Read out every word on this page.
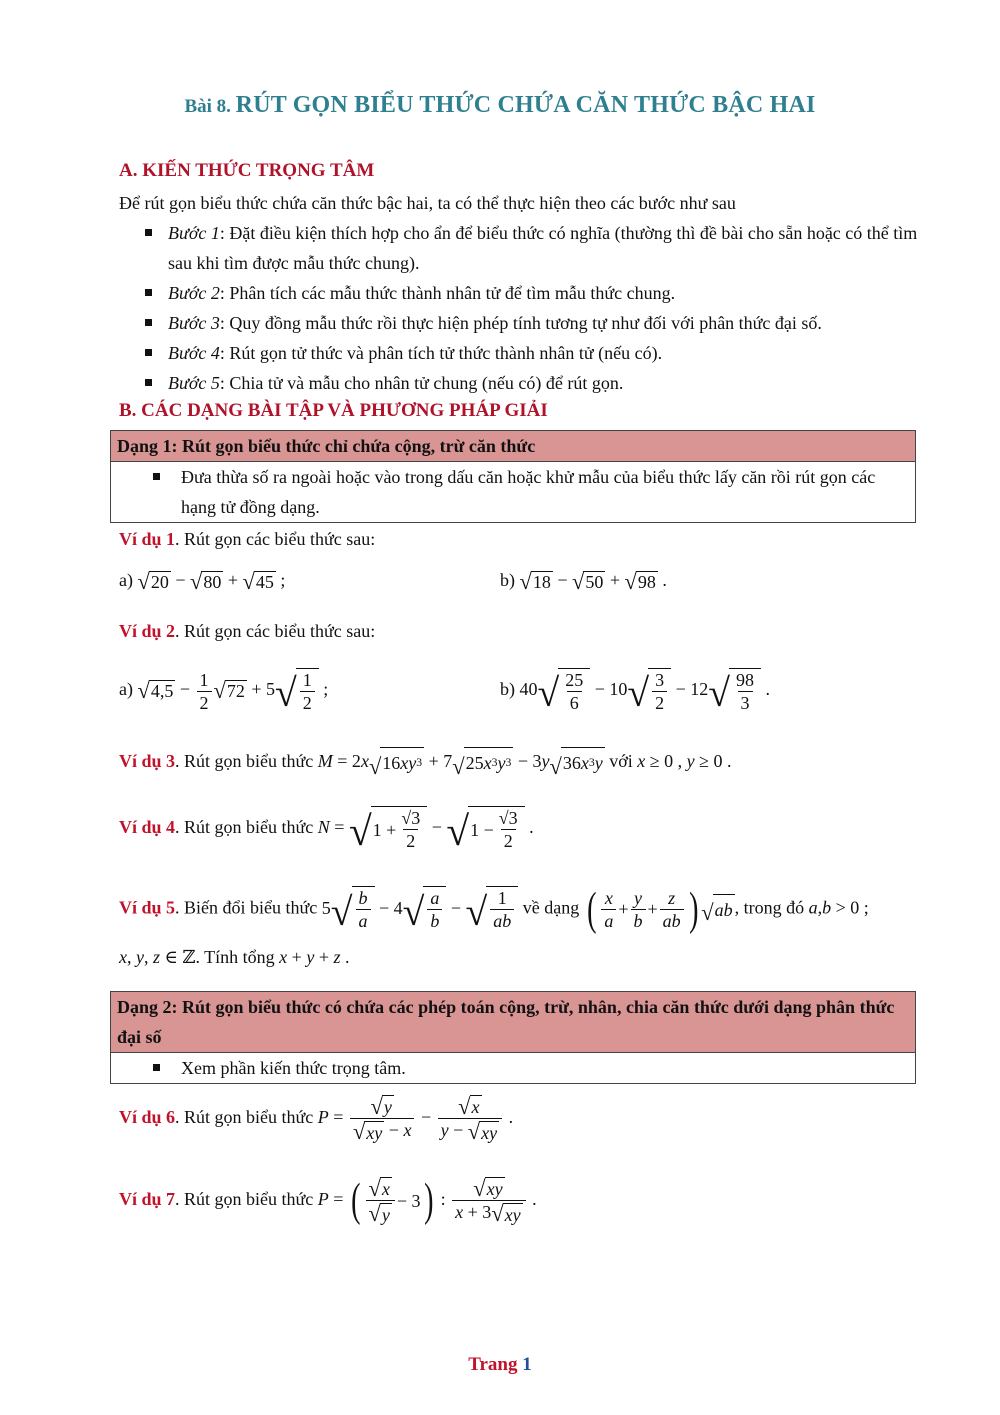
Bài 8. RÚT GỌN BIỂU THỨC CHỨA CĂN THỨC BẬC HAI
A. KIẾN THỨC TRỌNG TÂM
Để rút gọn biểu thức chứa căn thức bậc hai, ta có thể thực hiện theo các bước như sau
Bước 1: Đặt điều kiện thích hợp cho ẩn để biểu thức có nghĩa (thường thì đề bài cho sẵn hoặc có thể tìm sau khi tìm được mẫu thức chung).
Bước 2: Phân tích các mẫu thức thành nhân tử để tìm mẫu thức chung.
Bước 3: Quy đồng mẫu thức rồi thực hiện phép tính tương tự như đối với phân thức đại số.
Bước 4: Rút gọn tử thức và phân tích tử thức thành nhân tử (nếu có).
Bước 5: Chia tử và mẫu cho nhân tử chung (nếu có) để rút gọn.
B. CÁC DẠNG BÀI TẬP VÀ PHƯƠNG PHÁP GIẢI
Dạng 1: Rút gọn biểu thức chỉ chứa cộng, trừ căn thức
Đưa thừa số ra ngoài hoặc vào trong dấu căn hoặc khử mẫu của biểu thức lấy căn rồi rút gọn các hạng tử đồng dạng.
Ví dụ 1. Rút gọn các biểu thức sau:
a) √ 20 − √ 80 + √ 45 ;	b) √ 18 − √ 50 + √ 98 .
Ví dụ 2. Rút gọn các biểu thức sau:
a) √ $4,5 - \frac{1}{2}$ √ 72 + 5 √ 1
2
;	b) 40 √ 25
6
− 10 √ 3
2
− 12 √ 98
3
.
Ví dụ 3. Rút gọn biểu thức M = 2x √ 16 xy 3 + 7 √ 25 x 3 y 3 − 3y √ 36 x 3 y với x ≥ 0 , y ≥ 0 .
Ví dụ 4. Rút gọn biểu thức N = √ 1 +
√3
2
− √ 1 −
√3
2
.
Ví dụ 5. Biến đổi biểu thức 5 √ b
a
− 4 √ a
b
− √ 1
ab
về dạng ( x
a
+
y
b
+
z
ab ) √ ab , trong đó a,b > 0 ;
x, y, z ∈ ℤ. Tính tổng x + y + z .
Dạng 2: Rút gọn biểu thức có chứa các phép toán cộng, trừ, nhân, chia căn thức dưới dạng phân thức đại số
Xem phần kiến thức trọng tâm.
Ví dụ 6. Rút gọn biểu thức $P = \frac{√ y}{√ xy - x} - \frac{√ x}{y - √ xy}$ .
Ví dụ 7. Rút gọn biểu thức P = ( √ x
√ y
− 3 ) : $\frac{√ xy}{x + 3 √ xy}$ .
Trang 1
